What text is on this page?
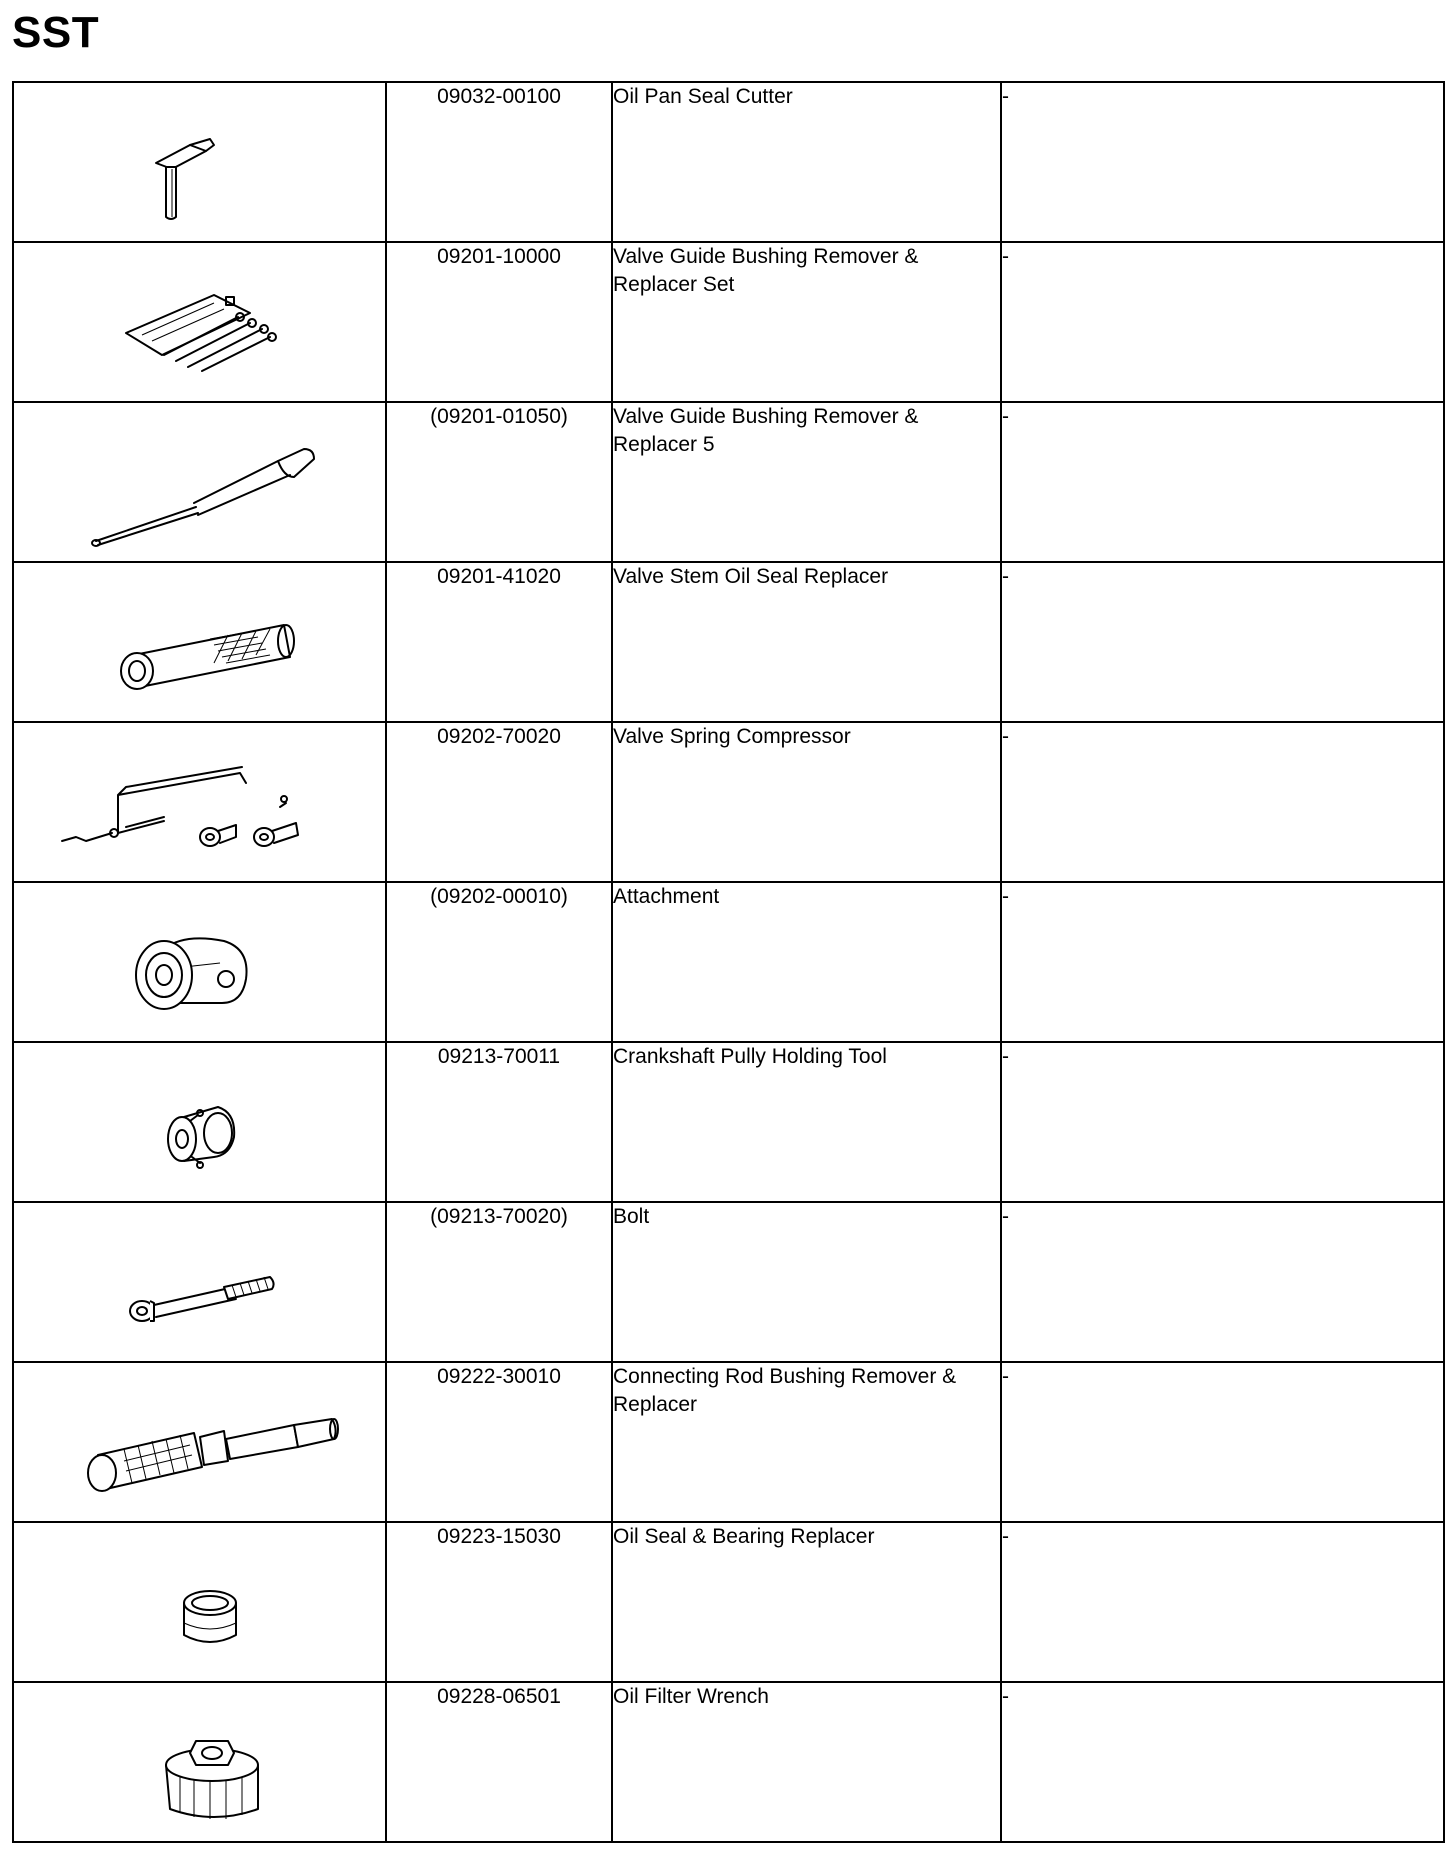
SST
	09032-00100	Oil Pan Seal Cutter	-

	09201-10000	Valve Guide Bushing Remover & Replacer Set	-

	(09201-01050)	Valve Guide Bushing Remover & Replacer 5	-

	09201-41020	Valve Stem Oil Seal Replacer	-

	09202-70020	Valve Spring Compressor	-

	(09202-00010)	Attachment	-

	09213-70011	Crankshaft Pully Holding Tool	-

	(09213-70020)	Bolt	-

	09222-30010	Connecting Rod Bushing Remover & Replacer	-

	09223-15030	Oil Seal & Bearing Replacer	-

	09228-06501	Oil Filter Wrench	-
